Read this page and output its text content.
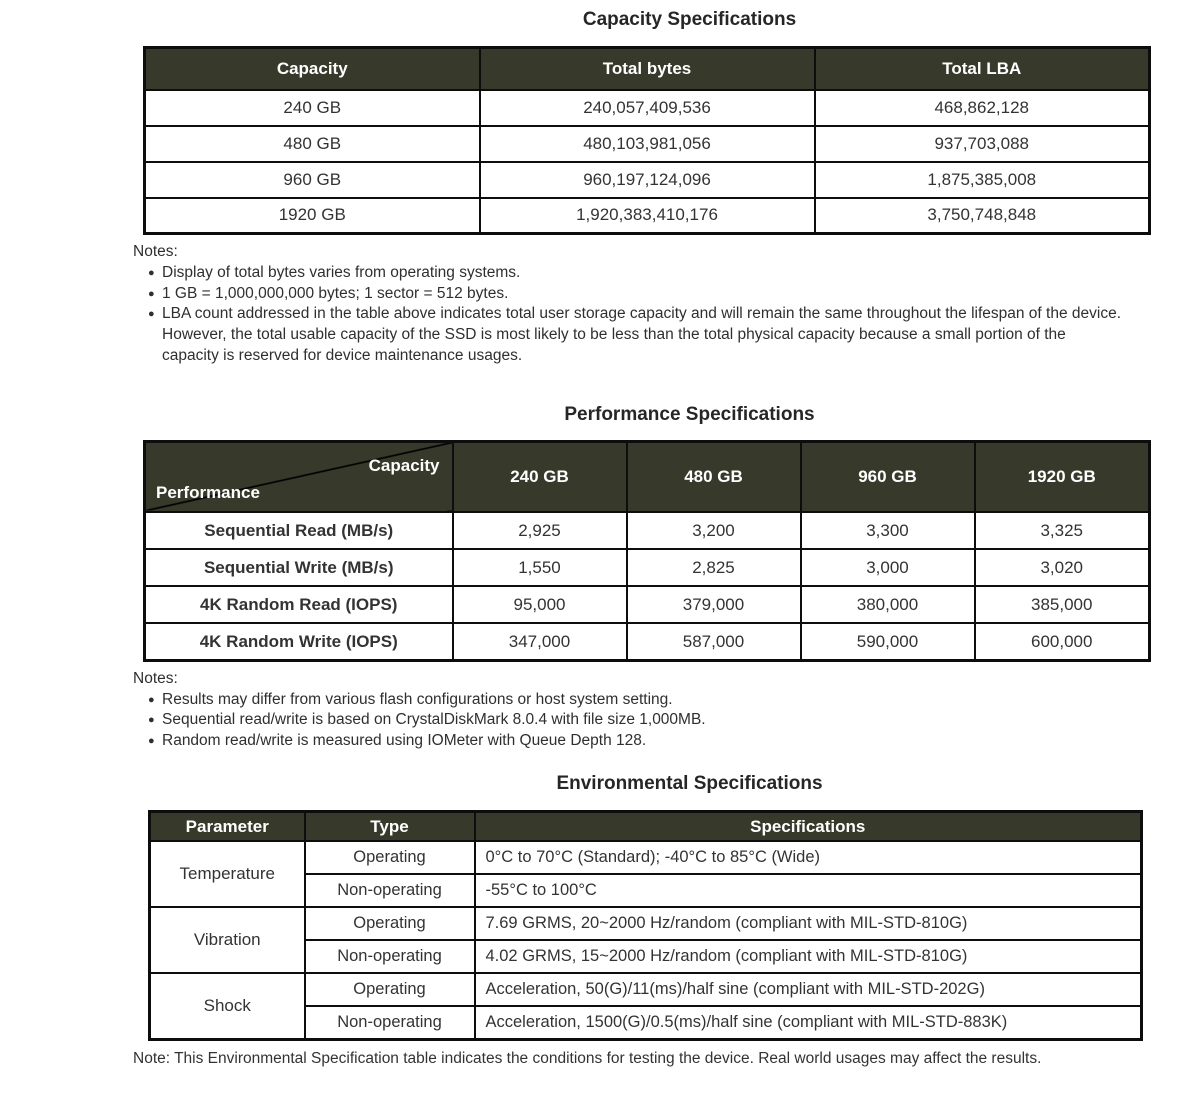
Capacity Specifications
Capacity	Total bytes	Total LBA
240 GB	240,057,409,536	468,862,128
480 GB	480,103,981,056	937,703,088
960 GB	960,197,124,096	1,875,385,008
1920 GB	1,920,383,410,176	3,750,748,848
Notes:
● Display of total bytes varies from operating systems.
● 1 GB = 1,000,000,000 bytes; 1 sector = 512 bytes.
● LBA count addressed in the table above indicates total user storage capacity and will remain the same throughout the lifespan of the device. However, the total usable capacity of the SSD is most likely to be less than the total physical capacity because a small portion of the capacity is reserved for device maintenance usages.
Performance Specifications
Capacity
Performance	240 GB	480 GB	960 GB	1920 GB
Sequential Read (MB/s)	2,925	3,200	3,300	3,325
Sequential Write (MB/s)	1,550	2,825	3,000	3,020
4K Random Read (IOPS)	95,000	379,000	380,000	385,000
4K Random Write (IOPS)	347,000	587,000	590,000	600,000
Notes:
● Results may differ from various flash configurations or host system setting.
● Sequential read/write is based on CrystalDiskMark 8.0.4 with file size 1,000MB.
● Random read/write is measured using IOMeter with Queue Depth 128.
Environmental Specifications
Parameter	Type	Specifications
Temperature	Operating	0°C to 70°C (Standard); -40°C to 85°C (Wide)
	Non-operating	-55°C to 100°C
Vibration	Operating	7.69 GRMS, 20~2000 Hz/random (compliant with MIL-STD-810G)
	Non-operating	4.02 GRMS, 15~2000 Hz/random (compliant with MIL-STD-810G)
Shock	Operating	Acceleration, 50(G)/11(ms)/half sine (compliant with MIL-STD-202G)
	Non-operating	Acceleration, 1500(G)/0.5(ms)/half sine (compliant with MIL-STD-883K)
Note: This Environmental Specification table indicates the conditions for testing the device. Real world usages may affect the results.
